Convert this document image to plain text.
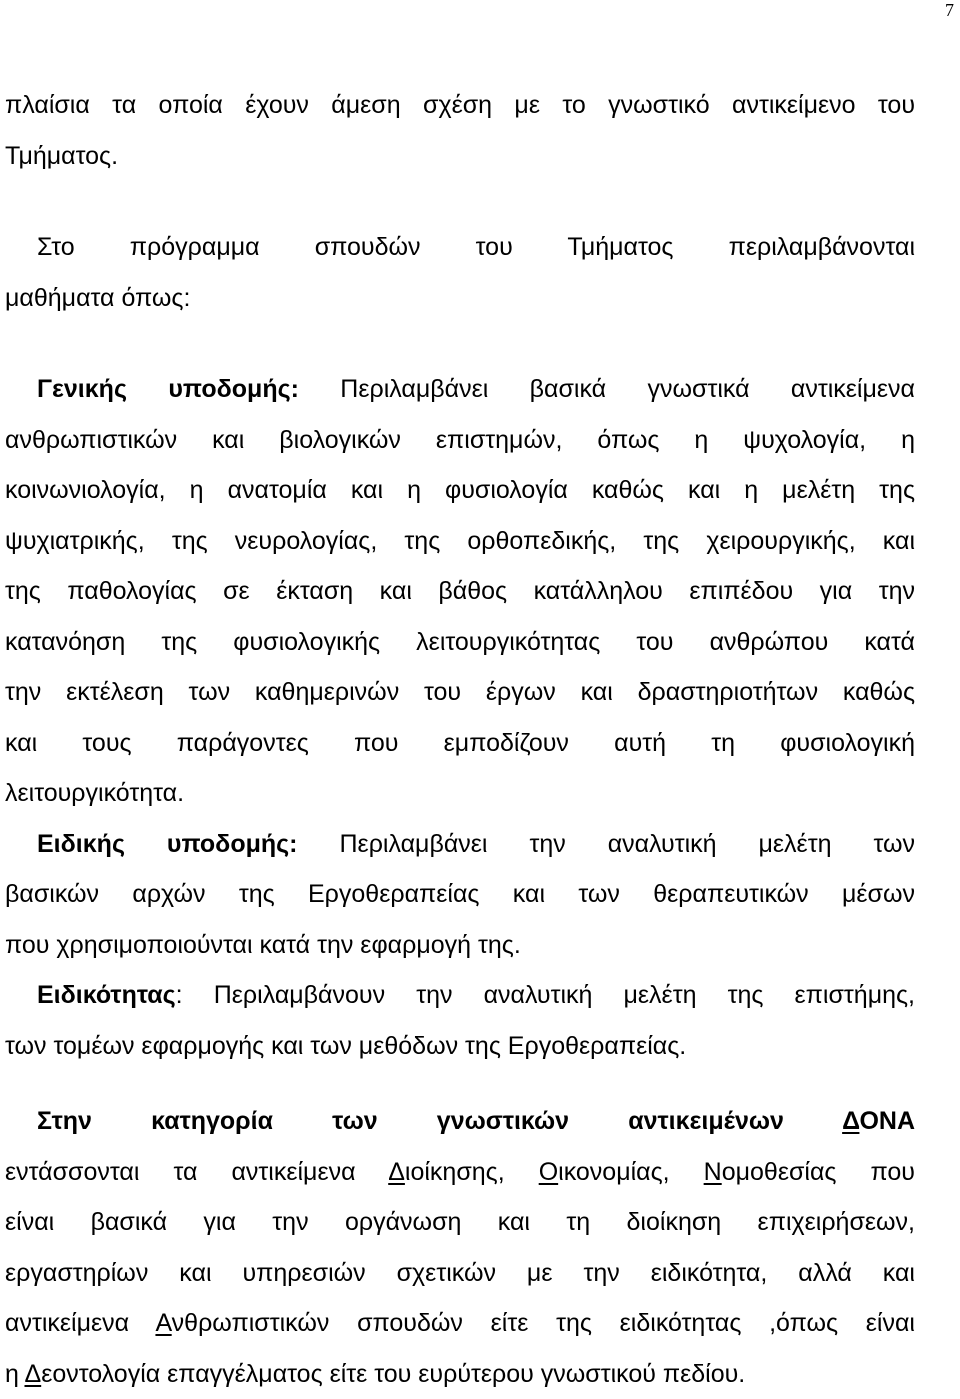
7
πλαίσια τα οποία έχουν άμεση σχέση με το γνωστικό αντικείμενο του
Τμήματος.
Στο πρόγραμμα σπουδών του Τμήματος περιλαμβάνονται
μαθήματα όπως:
Γενικής υποδομής: Περιλαμβάνει βασικά γνωστικά αντικείμενα
ανθρωπιστικών και βιολογικών επιστημών, όπως η ψυχολογία, η
κοινωνιολογία, η ανατομία και η φυσιολογία καθώς και η μελέτη της
ψυχιατρικής, της νευρολογίας, της ορθοπεδικής, της χειρουργικής, και
της παθολογίας σε έκταση και βάθος κατάλληλου επιπέδου για την
κατανόηση της φυσιολογικής λειτουργικότητας του ανθρώπου κατά
την εκτέλεση των καθημερινών του έργων και δραστηριοτήτων καθώς
και τους παράγοντες που εμποδίζουν αυτή τη φυσιολογική
λειτουργικότητα.
Ειδικής υποδομής: Περιλαμβάνει την αναλυτική μελέτη των
βασικών αρχών της Εργοθεραπείας και των θεραπευτικών μέσων
που χρησιμοποιούνται κατά την εφαρμογή της.
Ειδικότητας: Περιλαμβάνουν την αναλυτική μελέτη της επιστήμης,
των τομέων εφαρμογής και των μεθόδων της Εργοθεραπείας.
Στην κατηγορία των γνωστικών αντικειμένων ΔΟΝΑ
εντάσσονται τα αντικείμενα Διοίκησης, Οικονομίας, Νομοθεσίας που
είναι βασικά για την οργάνωση και τη διοίκηση επιχειρήσεων,
εργαστηρίων και υπηρεσιών σχετικών με την ειδικότητα, αλλά και
αντικείμενα Ανθρωπιστικών σπουδών είτε της ειδικότητας ,όπως είναι
η Δεοντολογία επαγγέλματος είτε του ευρύτερου γνωστικού πεδίου.
